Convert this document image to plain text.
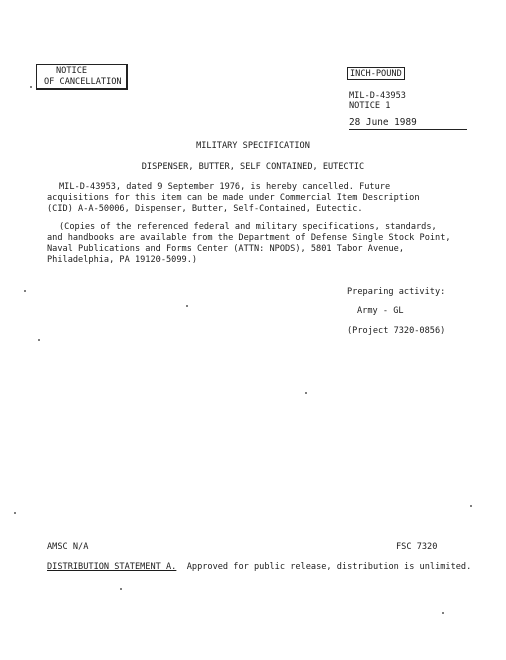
NOTICE
OF CANCELLATION
INCH-POUND
MIL-D-43953
NOTICE 1
28 June 1989
MILITARY SPECIFICATION
DISPENSER, BUTTER, SELF CONTAINED, EUTECTIC
MIL-D-43953, dated 9 September 1976, is hereby cancelled. Future
acquisitions for this item can be made under Commercial Item Description
(CID) A-A-50006, Dispenser, Butter, Self-Contained, Eutectic.
(Copies of the referenced federal and military specifications, standards,
and handbooks are available from the Department of Defense Single Stock Point,
Naval Publications and Forms Center (ATTN: NPODS), 5801 Tabor Avenue,
Philadelphia, PA 19120-5099.)
Preparing activity:
Army - GL
(Project 7320-0856)
AMSC N/A	FSC 7320
DISTRIBUTION STATEMENT A. Approved for public release, distribution is unlimited.
